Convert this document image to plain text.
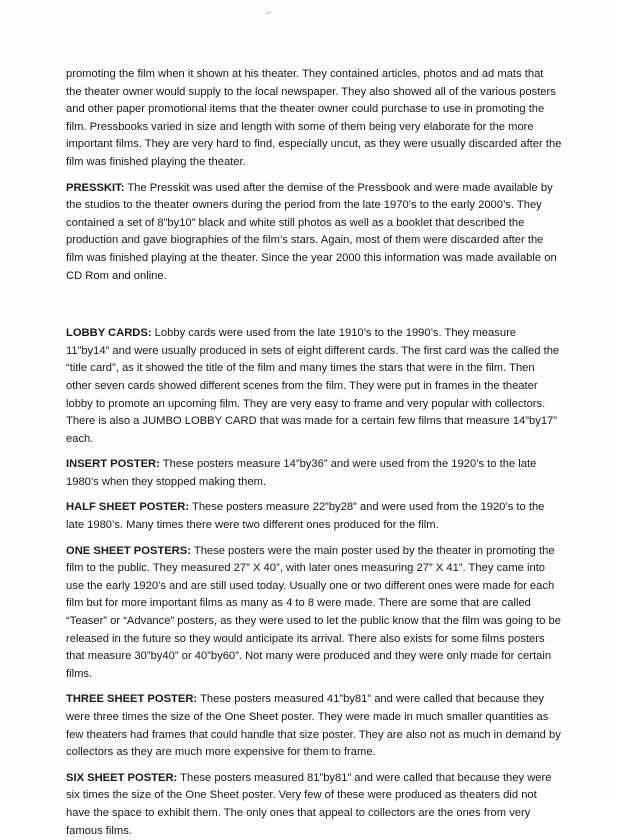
promoting the film when it shown at his theater. They contained articles, photos and ad mats that the theater owner would supply to the local newspaper. They also showed all of the various posters and other paper promotional items that the theater owner could purchase to use in promoting the film. Pressbooks varied in size and length with some of them being very elaborate for the more important films. They are very hard to find, especially uncut, as they were usually discarded after the film was finished playing the theater.

PRESSKIT: The Presskit was used after the demise of the Pressbook and were made available by the studios to the theater owners during the period from the late 1970’s to the early 2000’s. They contained a set of 8”by10” black and white still photos as well as a booklet that described the production and gave biographies of the film’s stars. Again, most of them were discarded after the film was finished playing at the theater. Since the year 2000 this information was made available on CD Rom and online.

LOBBY CARDS: Lobby cards were used from the late 1910’s to the 1990’s. They measure 11”by14” and were usually produced in sets of eight different cards. The first card was the called the “title card”, as it showed the title of the film and many times the stars that were in the film. Then other seven cards showed different scenes from the film. They were put in frames in the theater lobby to promote an upcoming film. They are very easy to frame and very popular with collectors. There is also a JUMBO LOBBY CARD that was made for a certain few films that measure 14”by17” each.

INSERT POSTER: These posters measure 14”by36” and were used from the 1920’s to the late 1980’s when they stopped making them.

HALF SHEET POSTER: These posters measure 22”by28” and were used from the 1920’s to the late 1980’s. Many times there were two different ones produced for the film.

ONE SHEET POSTERS: These posters were the main poster used by the theater in promoting the film to the public. They measured 27” X 40”, with later ones measuring 27” X 41”. They came into use the early 1920’s and are still used today. Usually one or two different ones were made for each film but for more important films as many as 4 to 8 were made. There are some that are called “Teaser” or “Advance” posters, as they were used to let the public know that the film was going to be released in the future so they would anticipate its arrival. There also exists for some films posters that measure 30”by40” or 40”by60”. Not many were produced and they were only made for certain films.

THREE SHEET POSTER: These posters measured 41”by81” and were called that because they were three times the size of the One Sheet poster. They were made in much smaller quantities as few theaters had frames that could handle that size poster. They are also not as much in demand by collectors as they are much more expensive for them to frame.

SIX SHEET POSTER: These posters measured 81”by81” and were called that because they were six times the size of the One Sheet poster. Very few of these were produced as theaters did not have the space to exhibit them. The only ones that appeal to collectors are the ones from very famous films.
